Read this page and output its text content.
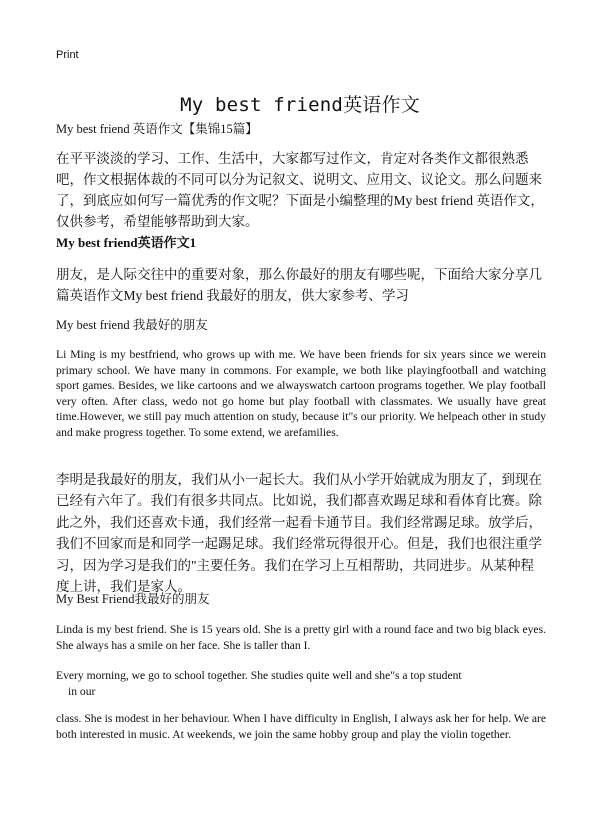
Print
My best friend英语作文
My best friend 英语作文【集锦15篇】
在平平淡淡的学习、工作、生活中，大家都写过作文，肯定对各类作文都很熟悉吧，作文根据体裁的不同可以分为记叙文、说明文、应用文、议论文。那么问题来了，到底应如何写一篇优秀的作文呢？下面是小编整理的My best friend 英语作文，仅供参考，希望能够帮助到大家。
My best friend英语作文1
朋友，是人际交往中的重要对象，那么你最好的朋友有哪些呢，下面给大家分享几篇英语作文My best friend 我最好的朋友，供大家参考、学习
My best friend 我最好的朋友
Li Ming is my bestfriend, who grows up with me. We have been friends for six years since we werein primary school. We have many in commons. For example, we both like playingfootball and watching sport games. Besides, we like cartoons and we alwayswatch cartoon programs together. We play football very often. After class, wedo not go home but play football with classmates. We usually have great time.However, we still pay much attention on study, because it"s our priority. We helpeach other in study and make progress together. To some extend, we arefamilies.
李明是我最好的朋友，我们从小一起长大。我们从小学开始就成为朋友了，到现在已经有六年了。我们有很多共同点。比如说，我们都喜欢踢足球和看体育比赛。除此之外，我们还喜欢卡通，我们经常一起看卡通节目。我们经常踢足球。放学后，我们不回家而是和同学一起踢足球。我们经常玩得很开心。但是，我们也很注重学习，因为学习是我们的"主要任务。我们在学习上互相帮助，共同进步。从某种程度上讲，我们是家人。
My Best Friend我最好的朋友
Linda is my best friend. She is 15 years old. She is a pretty girl with a round face and two big black eyes. She always has a smile on her face. She is taller than I.
Every morning, we go to school together. She studies quite well and she"s a top student
in our
class. She is modest in her behaviour. When I have difficulty in English, I always ask her for help. We are both interested in music. At weekends, we join the same hobby group and play the violin together.
